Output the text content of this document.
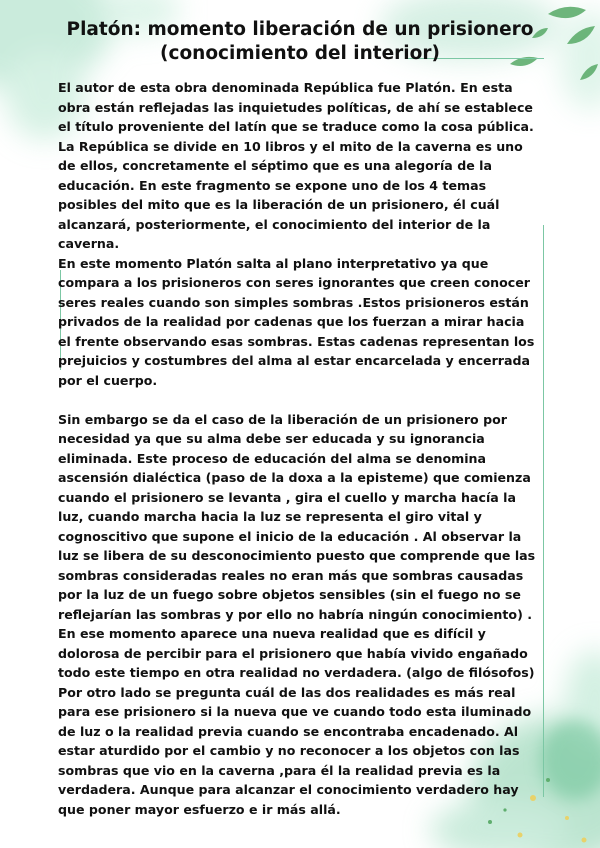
Platón: momento liberación de un prisionero
(conocimiento del interior)
El autor de esta obra denominada República fue Platón. En esta
obra están reflejadas las inquietudes políticas, de ahí se establece
el título proveniente del latín que se traduce como la cosa pública.
La República se divide en 10 libros y el mito de la caverna es uno
de ellos, concretamente el séptimo que es una alegoría de la
educación. En este fragmento se expone uno de los 4 temas
posibles del mito que es la liberación de un prisionero, él cuál
alcanzará, posteriormente, el conocimiento del interior de la
caverna.
En este momento Platón salta al plano interpretativo ya que
compara a los prisioneros con seres ignorantes que creen conocer
seres reales cuando son simples sombras .Estos prisioneros están
privados de la realidad por cadenas que los fuerzan a mirar hacia
el frente observando esas sombras. Estas cadenas representan los
prejuicios y costumbres del alma al estar encarcelada y encerrada
por el cuerpo.
Sin embargo se da el caso de la liberación de un prisionero por
necesidad ya que su alma debe ser educada y su ignorancia
eliminada. Este proceso de educación del alma se denomina
ascensión dialéctica (paso de la doxa a la episteme) que comienza
cuando el prisionero se levanta , gira el cuello y marcha hacía la
luz, cuando marcha hacia la luz se representa el giro vital y
cognoscitivo que supone el inicio de la educación . Al observar la
luz se libera de su desconocimiento puesto que comprende que las
sombras consideradas reales no eran más que sombras causadas
por la luz de un fuego sobre objetos sensibles (sin el fuego no se
reflejarían las sombras y por ello no habría ningún conocimiento) .
En ese momento aparece una nueva realidad que es difícil y
dolorosa de percibir para el prisionero que había vivido engañado
todo este tiempo en otra realidad no verdadera. (algo de filósofos)
Por otro lado se pregunta cuál de las dos realidades es más real
para ese prisionero si la nueva que ve cuando todo esta iluminado
de luz o la realidad previa cuando se encontraba encadenado. Al
estar aturdido por el cambio y no reconocer a los objetos con las
sombras que vio en la caverna ,para él la realidad previa es la
verdadera. Aunque para alcanzar el conocimiento verdadero hay
que poner mayor esfuerzo e ir más allá.
